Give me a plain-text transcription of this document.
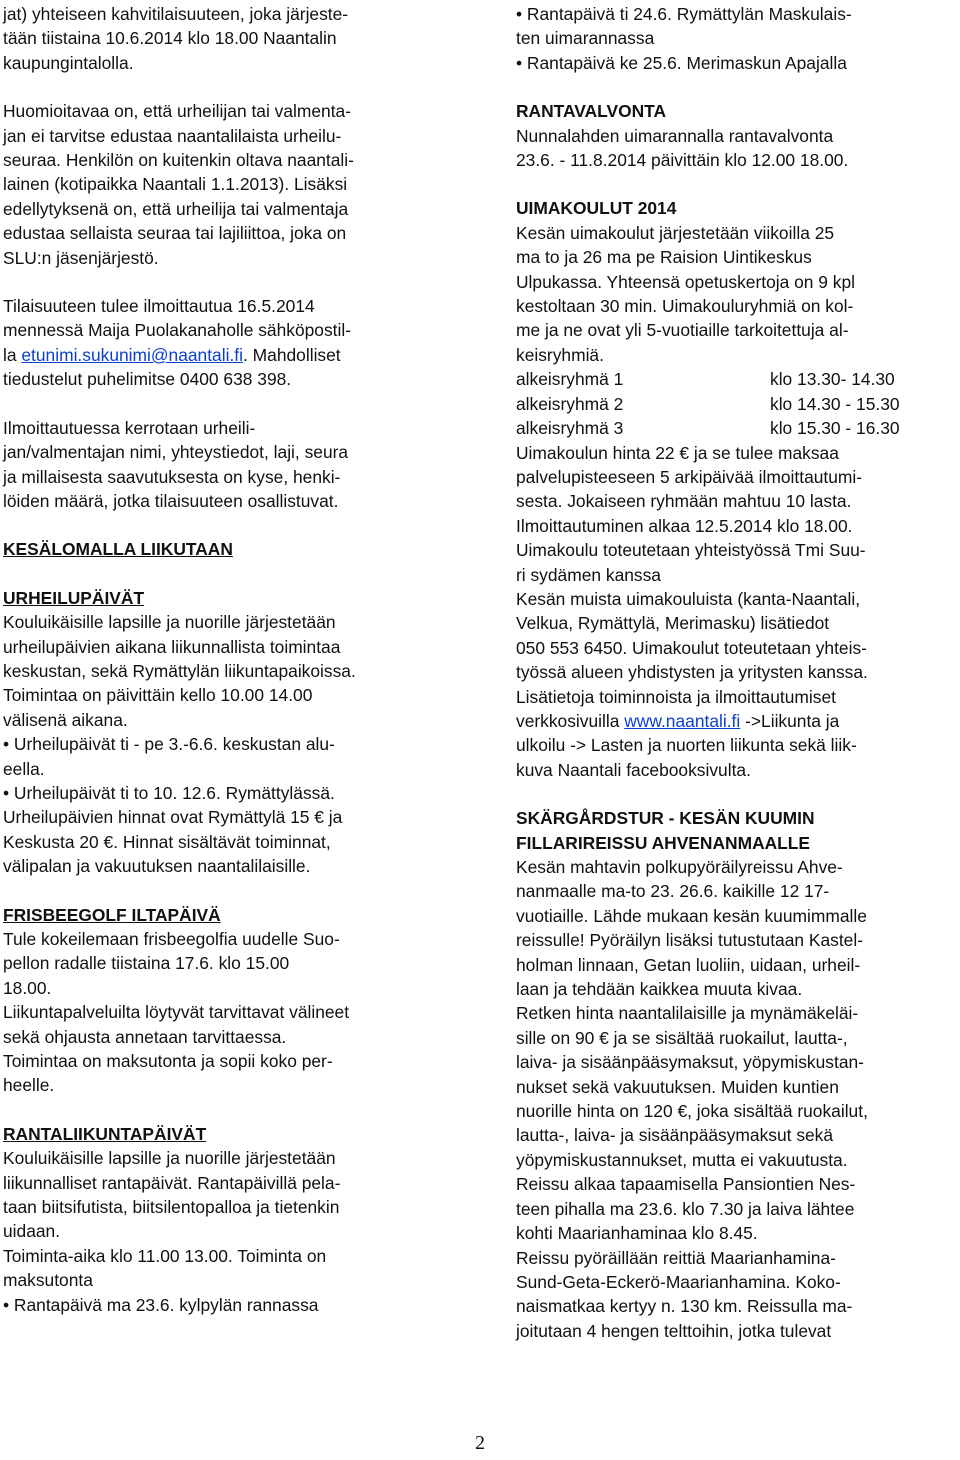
jat) yhteiseen kahvitilaisuuteen, joka järjeste-
tään tiistaina 10.6.2014 klo 18.00 Naantalin
kaupungintalolla.
Huomioitavaa on, että urheilijan tai valmenta-
jan ei tarvitse edustaa naantalilaista urheilu-
seuraa. Henkilön on kuitenkin oltava naantali-
lainen (kotipaikka Naantali 1.1.2013). Lisäksi
edellytyksenä on, että urheilija tai valmentaja
edustaa sellaista seuraa tai lajiliittoa, joka on
SLU:n jäsenjärjestö.
Tilaisuuteen tulee ilmoittautua 16.5.2014
mennessä Maija Puolakanaholle sähköpostil-
la etunimi.sukunimi@naantali.fi. Mahdolliset
tiedustelut puhelimitse 0400 638 398.
Ilmoittautuessa kerrotaan urheili-
jan/valmentajan nimi, yhteystiedot, laji, seura
ja millaisesta saavutuksesta on kyse, henki-
löiden määrä, jotka tilaisuuteen osallistuvat.
KESÄLOMALLA LIIKUTAAN
URHEILUPÄIVÄT
Kouluikäisille lapsille ja nuorille järjestetään
urheilupäivien aikana liikunnallista toimintaa
keskustan, sekä Rymättylän liikuntapaikoissa.
Toimintaa on päivittäin kello 10.00 14.00
välisenä aikana.
• Urheilupäivät ti - pe 3.-6.6. keskustan alu-
eella.
• Urheilupäivät ti to 10. 12.6. Rymättylässä.
Urheilupäivien hinnat ovat Rymättylä 15 € ja
Keskusta 20 €. Hinnat sisältävät toiminnat,
välipalan ja vakuutuksen naantalilaisille.
FRISBEEGOLF ILTAPÄIVÄ
Tule kokeilemaan frisbeegolfia uudelle Suo-
pellon radalle tiistaina 17.6. klo 15.00
18.00.
Liikuntapalveluilta löytyvät tarvittavat välineet
sekä ohjausta annetaan tarvittaessa.
Toimintaa on maksutonta ja sopii koko per-
heelle.
RANTALIIKUNTAPÄIVÄT
Kouluikäisille lapsille ja nuorille järjestetään
liikunnalliset rantapäivät. Rantapäivillä pela-
taan biitsifutista, biitsilentopalloa ja tietenkin
uidaan.
Toiminta-aika klo 11.00 13.00. Toiminta on
maksutonta
• Rantapäivä ma 23.6. kylpylän rannassa
• Rantapäivä ti 24.6. Rymättylän Maskulais-
ten uimarannassa
• Rantapäivä ke 25.6. Merimaskun Apajalla
RANTAVALVONTA
Nunnalahden uimarannalla rantavalvonta
23.6. - 11.8.2014 päivittäin klo 12.00 18.00.
UIMAKOULUT 2014
Kesän uimakoulut järjestetään viikoilla 25
ma to ja 26 ma pe Raision Uintikeskus
Ulpukassa. Yhteensä opetuskertoja on 9 kpl
kestoltaan 30 min. Uimakouluryhmiä on kol-
me ja ne ovat yli 5-vuotiaille tarkoitettuja al-
keisryhmiä.
alkeisryhmä 1	klo 13.30- 14.30
alkeisryhmä 2	klo 14.30 - 15.30
alkeisryhmä 3	klo 15.30 - 16.30
Uimakoulun hinta 22 € ja se tulee maksaa
palvelupisteeseen 5 arkipäivää ilmoittautumi-
sesta. Jokaiseen ryhmään mahtuu 10 lasta.
Ilmoittautuminen alkaa 12.5.2014 klo 18.00.
Uimakoulu toteutetaan yhteistyössä Tmi Suu-
ri sydämen kanssa
Kesän muista uimakouluista (kanta-Naantali,
Velkua, Rymättylä, Merimasku) lisätiedot
050 553 6450. Uimakoulut toteutetaan yhteis-
työssä alueen yhdistysten ja yritysten kanssa.
Lisätietoja toiminnoista ja ilmoittautumiset
verkkosivuilla www.naantali.fi ->Liikunta ja
ulkoilu -> Lasten ja nuorten liikunta sekä liik-
kuva Naantali facebooksivulta.
SKÄRGÅRDSTUR - KESÄN KUUMIN
FILLARIREISSU AHVENANMAALLE
Kesän mahtavin polkupyöräilyreissu Ahve-
nanmaalle ma-to 23. 26.6. kaikille 12 17-
vuotiaille. Lähde mukaan kesän kuumimmalle
reissulle! Pyöräilyn lisäksi tutustutaan Kastel-
holman linnaan, Getan luoliin, uidaan, urheil-
laan ja tehdään kaikkea muuta kivaa.
Retken hinta naantalilaisille ja mynämäkeläi-
sille on 90 € ja se sisältää ruokailut, lautta-,
laiva- ja sisäänpääsymaksut, yöpymiskustan-
nukset sekä vakuutuksen. Muiden kuntien
nuorille hinta on 120 €, joka sisältää ruokailut,
lautta-, laiva- ja sisäänpääsymaksut sekä
yöpymiskustannukset, mutta ei vakuutusta.
Reissu alkaa tapaamisella Pansiontien Nes-
teen pihalla ma 23.6. klo 7.30 ja laiva lähtee
kohti Maarianhaminaa klo 8.45.
Reissu pyöräillään reittiä Maarianhamina-
Sund-Geta-Eckerö-Maarianhamina. Koko-
naismatkaa kertyy n. 130 km. Reissulla ma-
joitutaan 4 hengen telttoihin, jotka tulevat
2
